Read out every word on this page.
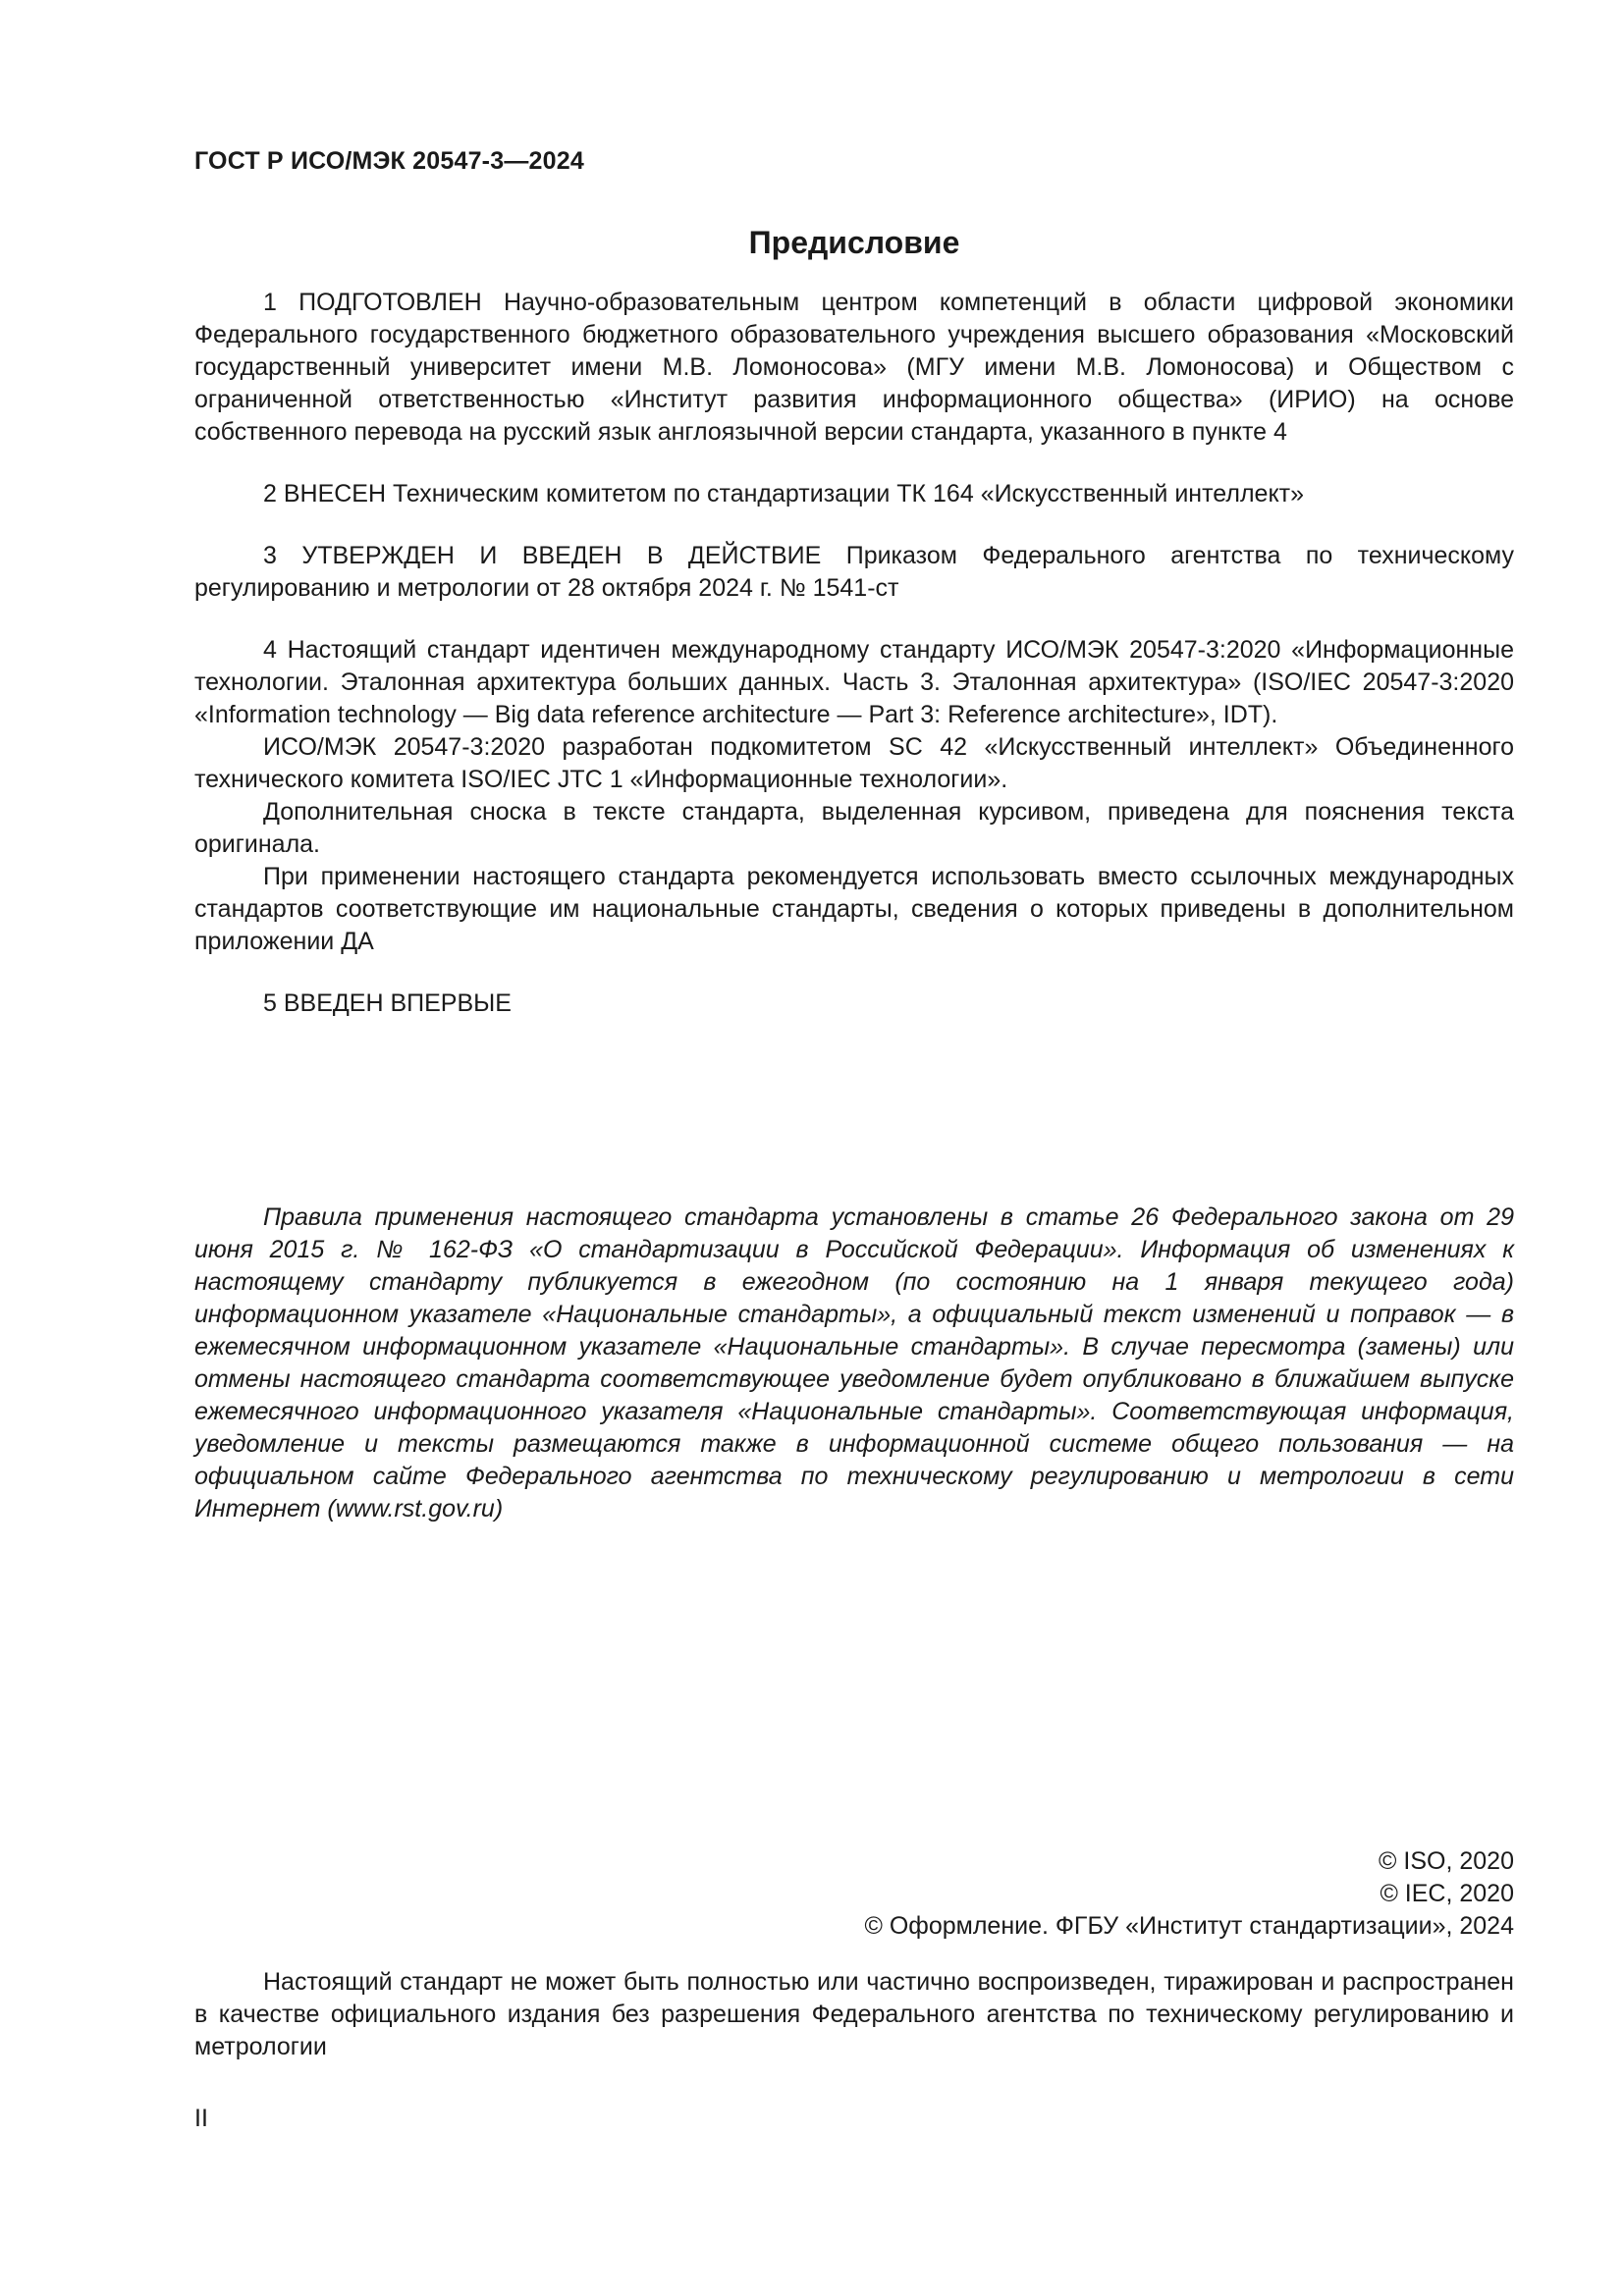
ГОСТ Р ИСО/МЭК 20547-3—2024
Предисловие

1 ПОДГОТОВЛЕН Научно-образовательным центром компетенций в области цифровой экономики Федерального государственного бюджетного образовательного учреждения высшего образования «Московский государственный университет имени М.В. Ломоносова» (МГУ имени М.В. Ломоносова) и Обществом с ограниченной ответственностью «Институт развития информационного общества» (ИРИО) на основе собственного перевода на русский язык англоязычной версии стандарта, указанного в пункте 4

2 ВНЕСЕН Техническим комитетом по стандартизации ТК 164 «Искусственный интеллект»

3 УТВЕРЖДЕН И ВВЕДЕН В ДЕЙСТВИЕ Приказом Федерального агентства по техническому регулированию и метрологии от 28 октября 2024 г. № 1541-ст

4 Настоящий стандарт идентичен международному стандарту ИСО/МЭК 20547-3:2020 «Информационные технологии. Эталонная архитектура больших данных. Часть 3. Эталонная архитектура» (ISO/IEC 20547-3:2020 «Information technology — Big data reference architecture — Part 3: Reference architecture», IDT).

ИСО/МЭК 20547-3:2020 разработан подкомитетом SC 42 «Искусственный интеллект» Объединенного технического комитета ISO/IEC JTC 1 «Информационные технологии».

Дополнительная сноска в тексте стандарта, выделенная курсивом, приведена для пояснения текста оригинала.

При применении настоящего стандарта рекомендуется использовать вместо ссылочных международных стандартов соответствующие им национальные стандарты, сведения о которых приведены в дополнительном приложении ДА

5 ВВЕДЕН ВПЕРВЫЕ

Правила применения настоящего стандарта установлены в статье 26 Федерального закона от 29 июня 2015 г. № 162-ФЗ «О стандартизации в Российской Федерации». Информация об изменениях к настоящему стандарту публикуется в ежегодном (по состоянию на 1 января текущего года) информационном указателе «Национальные стандарты», а официальный текст изменений и поправок — в ежемесячном информационном указателе «Национальные стандарты». В случае пересмотра (замены) или отмены настоящего стандарта соответствующее уведомление будет опубликовано в ближайшем выпуске ежемесячного информационного указателя «Национальные стандарты». Соответствующая информация, уведомление и тексты размещаются также в информационной системе общего пользования — на официальном сайте Федерального агентства по техническому регулированию и метрологии в сети Интернет (www.rst.gov.ru)

© ISO, 2020
© IEC, 2020
© Оформление. ФГБУ «Институт стандартизации», 2024

Настоящий стандарт не может быть полностью или частично воспроизведен, тиражирован и распространен в качестве официального издания без разрешения Федерального агентства по техническому регулированию и метрологии

II
